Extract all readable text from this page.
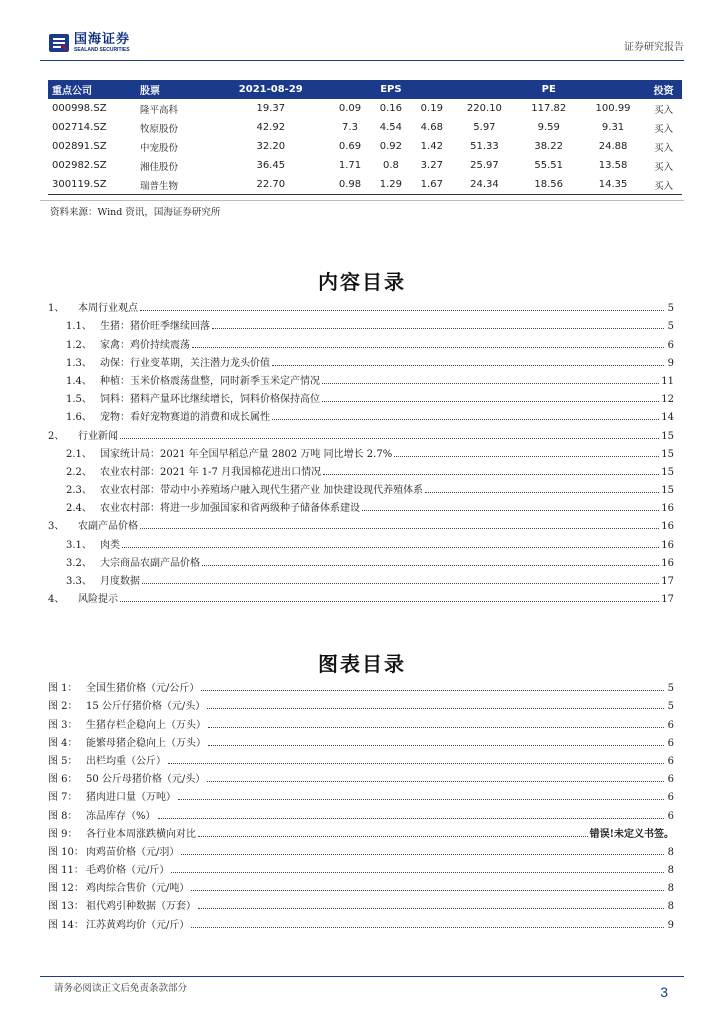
国海证券
SEALAND SECURITIES	证券研究报告
重点公司	股票	2021-08-29		EPS			PE		投资
000998.SZ	隆平高科	19.37	0.09	0.16	0.19	220.10	117.82	100.99	买入
002714.SZ	牧原股份	42.92	7.3	4.54	4.68	5.97	9.59	9.31	买入
002891.SZ	中宠股份	32.20	0.69	0.92	1.42	51.33	38.22	24.88	买入
002982.SZ	湘佳股份	36.45	1.71	0.8	3.27	25.97	55.51	13.58	买入
300119.SZ	瑞普生物	22.70	0.98	1.29	1.67	24.34	18.56	14.35	买入
资料来源：Wind 资讯，国海证券研究所
内容目录
1、	本周行业观点	5
1.1、 生猪：猪价旺季继续回落	5
1.2、 家禽：鸡价持续震荡	6
1.3、 动保：行业变革期，关注潜力龙头价值	9
1.4、 种植：玉米价格震荡盘整，同时新季玉米定产情况	11
1.5、 饲料：猪料产量环比继续增长，饲料价格保持高位	12
1.6、 宠物：看好宠物赛道的消费和成长属性	14
2、	行业新闻	15
2.1、 国家统计局：2021 年全国早稻总产量 2802 万吨 同比增长 2.7%	15
2.2、 农业农村部：2021 年 1-7 月我国棉花进出口情况	15
2.3、 农业农村部：带动中小养殖场户融入现代生猪产业 加快建设现代养殖体系	15
2.4、 农业农村部：将进一步加强国家和省两级种子储备体系建设	16
3、	农副产品价格	16
3.1、 肉类	16
3.2、 大宗商品农副产品价格	16
3.3、 月度数据	17
4、	风险提示	17
图表目录
图 1： 全国生猪价格（元/公斤）	5
图 2： 15 公斤仔猪价格（元/头）	5
图 3： 生猪存栏企稳向上（万头）	6
图 4： 能繁母猪企稳向上（万头）	6
图 5： 出栏均重（公斤）	6
图 6： 50 公斤母猪价格（元/头）	6
图 7： 猪肉进口量（万吨）	6
图 8： 冻品库存（%）	6
图 9： 各行业本周涨跌横向对比	错误!未定义书签。
图 10： 肉鸡苗价格（元/羽）	8
图 11： 毛鸡价格（元/斤）	8
图 12： 鸡肉综合售价（元/吨）	8
图 13： 祖代鸡引种数据（万套）	8
图 14： 江苏黄鸡均价（元/斤）	9
请务必阅读正文后免责条款部分	3
